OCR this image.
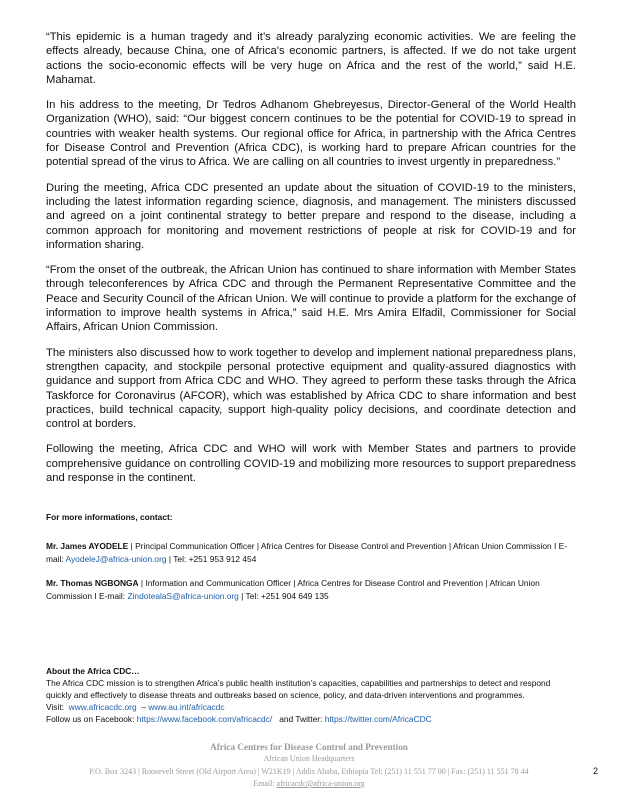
“This epidemic is a human tragedy and it’s already paralyzing economic activities. We are feeling the effects already, because China, one of Africa’s economic partners, is affected. If we do not take urgent actions the socio-economic effects will be very huge on Africa and the rest of the world,” said H.E. Mahamat.

In his address to the meeting, Dr Tedros Adhanom Ghebreyesus, Director-General of the World Health Organization (WHO), said: “Our biggest concern continues to be the potential for COVID-19 to spread in countries with weaker health systems. Our regional office for Africa, in partnership with the Africa Centres for Disease Control and Prevention (Africa CDC), is working hard to prepare African countries for the potential spread of the virus to Africa. We are calling on all countries to invest urgently in preparedness.”

During the meeting, Africa CDC presented an update about the situation of COVID-19 to the ministers, including the latest information regarding science, diagnosis, and management. The ministers discussed and agreed on a joint continental strategy to better prepare and respond to the disease, including a common approach for monitoring and movement restrictions of people at risk for COVID-19 and for information sharing.

“From the onset of the outbreak, the African Union has continued to share information with Member States through teleconferences by Africa CDC and through the Permanent Representative Committee and the Peace and Security Council of the African Union. We will continue to provide a platform for the exchange of information to improve health systems in Africa,” said H.E. Mrs Amira Elfadil, Commissioner for Social Affairs, African Union Commission.

The ministers also discussed how to work together to develop and implement national preparedness plans, strengthen capacity, and stockpile personal protective equipment and quality-assured diagnostics with guidance and support from Africa CDC and WHO. They agreed to perform these tasks through the Africa Taskforce for Coronavirus (AFCOR), which was established by Africa CDC to share information and best practices, build technical capacity, support high-quality policy decisions, and coordinate detection and control at borders.

Following the meeting, Africa CDC and WHO will work with Member States and partners to provide comprehensive guidance on controlling COVID-19 and mobilizing more resources to support preparedness and response in the continent.

For more informations, contact:
Mr. James AYODELE | Principal Communication Officer | Africa Centres for Disease Control and Prevention | African Union Commission I E-mail: AyodeleJ@africa-union.org | Tel: +251 953 912 454
Mr. Thomas NGBONGA | Information and Communication Officer | Africa Centres for Disease Control and Prevention | African Union Commission I E-mail: ZindotealaS@africa-union.org | Tel: +251 904 649 135
About the Africa CDC…
The Africa CDC mission is to strengthen Africa’s public health institution’s capacities, capabilities and partnerships to detect and respond quickly and effectively to disease threats and outbreaks based on science, policy, and data-driven interventions and programmes.
Visit:  www.africacdc.org  – www.au.int/africacdc
Follow us on Facebook: https://www.facebook.com/africacdc/   and Twitter: https://twitter.com/AfricaCDC
Africa Centres for Disease Control and Prevention
African Union Headquarters
P.O. Box 3243 | Roosevelt Street (Old Airport Area) | W21K19 | Addis Ababa, Ethiopia Tel: (251) 11 551 77 00 | Fax: (251) 11 551 78 44
Email: africacdc@africa-union.org
2
